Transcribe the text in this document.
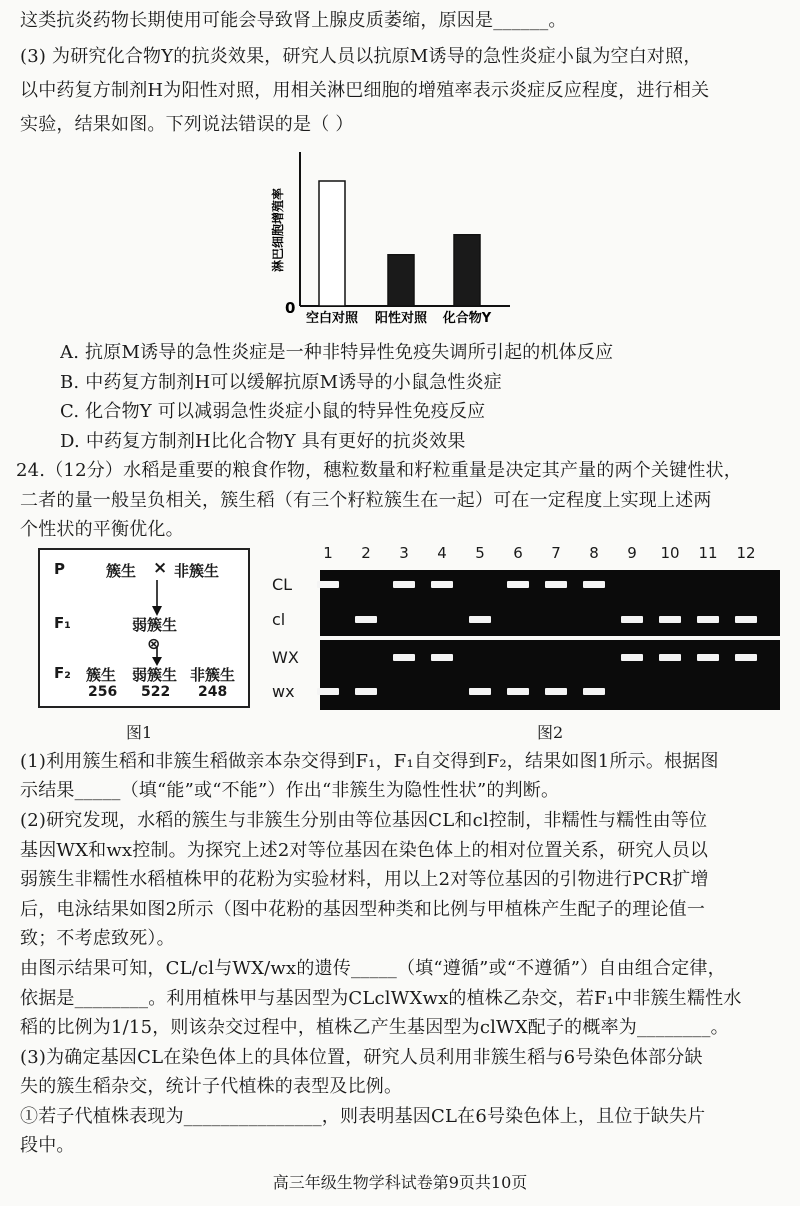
这类抗炎药物长期使用可能会导致肾上腺皮质萎缩，原因是______。
(3) 为研究化合物Y的抗炎效果，研究人员以抗原M诱导的急性炎症小鼠为空白对照，
以中药复方制剂H为阳性对照，用相关淋巴细胞的增殖率表示炎症反应程度，进行相关
实验，结果如图。下列说法错误的是（ ）
0
淋巴细胞增殖率
空白对照 阳性对照 化合物Y
A. 抗原M诱导的急性炎症是一种非特异性免疫失调所引起的机体反应
B. 中药复方制剂H可以缓解抗原M诱导的小鼠急性炎症
C. 化合物Y 可以减弱急性炎症小鼠的特异性免疫反应
D. 中药复方制剂H比化合物Y 具有更好的抗炎效果
24.（12分）水稻是重要的粮食作物，穗粒数量和籽粒重量是决定其产量的两个关键性状，
二者的量一般呈负相关，簇生稻（有三个籽粒簇生在一起）可在一定程度上实现上述两
个性状的平衡优化。
P	簇生 × 非簇生
F₁	弱簇生
⊗
F₂ 簇生 弱簇生 非簇生
256 522 248
图1
1	2	3	4	5	6	7	8	9	10	11	12
CL
cl
WX
wx
图2
(1)利用簇生稻和非簇生稻做亲本杂交得到F₁，F₁自交得到F₂，结果如图1所示。根据图
示结果_____（填“能”或“不能”）作出“非簇生为隐性性状”的判断。
(2)研究发现，水稻的簇生与非簇生分别由等位基因CL和cl控制，非糯性与糯性由等位
基因WX和wx控制。为探究上述2对等位基因在染色体上的相对位置关系，研究人员以
弱簇生非糯性水稻植株甲的花粉为实验材料，用以上2对等位基因的引物进行PCR扩增
后，电泳结果如图2所示（图中花粉的基因型种类和比例与甲植株产生配子的理论值一
致；不考虑致死）。
由图示结果可知，CL/cl与WX/wx的遗传_____（填“遵循”或“不遵循”）自由组合定律，
依据是________。利用植株甲与基因型为CLclWXwx的植株乙杂交，若F₁中非簇生糯性水
稻的比例为1/15，则该杂交过程中，植株乙产生基因型为clWX配子的概率为________。
(3)为确定基因CL在染色体上的具体位置，研究人员利用非簇生稻与6号染色体部分缺
失的簇生稻杂交，统计子代植株的表型及比例。
①若子代植株表现为_______________，则表明基因CL在6号染色体上，且位于缺失片
段中。
高三年级生物学科试卷第9页共10页
